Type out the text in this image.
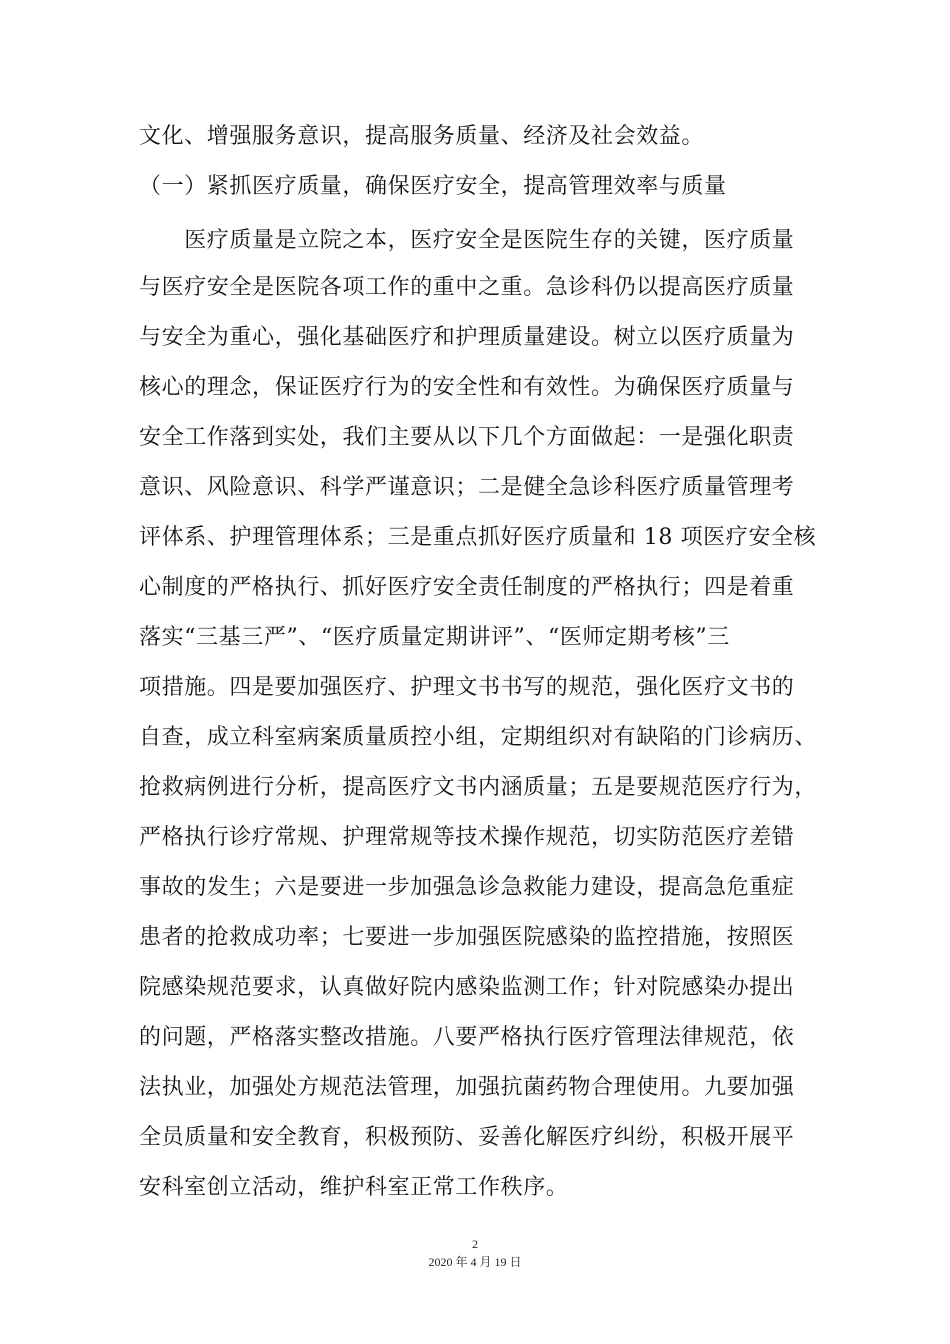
文化、增强服务意识，提高服务质量、经济及社会效益。
（一）紧抓医疗质量，确保医疗安全，提高管理效率与质量
　　医疗质量是立院之本，医疗安全是医院生存的关键，医疗质量
与医疗安全是医院各项工作的重中之重。急诊科仍以提高医疗质量
与安全为重心，强化基础医疗和护理质量建设。树立以医疗质量为
核心的理念，保证医疗行为的安全性和有效性。为确保医疗质量与
安全工作落到实处，我们主要从以下几个方面做起：一是强化职责
意识、风险意识、科学严谨意识；二是健全急诊科医疗质量管理考
评体系、护理管理体系；三是重点抓好医疗质量和 18 项医疗安全核
心制度的严格执行、抓好医疗安全责任制度的严格执行；四是着重
落实“三基三严”、“医疗质量定期讲评”、“医师定期考核”三
项措施。四是要加强医疗、护理文书书写的规范，强化医疗文书的
自查，成立科室病案质量质控小组，定期组织对有缺陷的门诊病历、
抢救病例进行分析，提高医疗文书内涵质量；五是要规范医疗行为，
严格执行诊疗常规、护理常规等技术操作规范，切实防范医疗差错
事故的发生；六是要进一步加强急诊急救能力建设，提高急危重症
患者的抢救成功率；七要进一步加强医院感染的监控措施，按照医
院感染规范要求，认真做好院内感染监测工作；针对院感染办提出
的问题，严格落实整改措施。八要严格执行医疗管理法律规范，依
法执业，加强处方规范法管理，加强抗菌药物合理使用。九要加强
全员质量和安全教育，积极预防、妥善化解医疗纠纷，积极开展平
安科室创立活动，维护科室正常工作秩序。
2
2020 年 4 月 19 日
